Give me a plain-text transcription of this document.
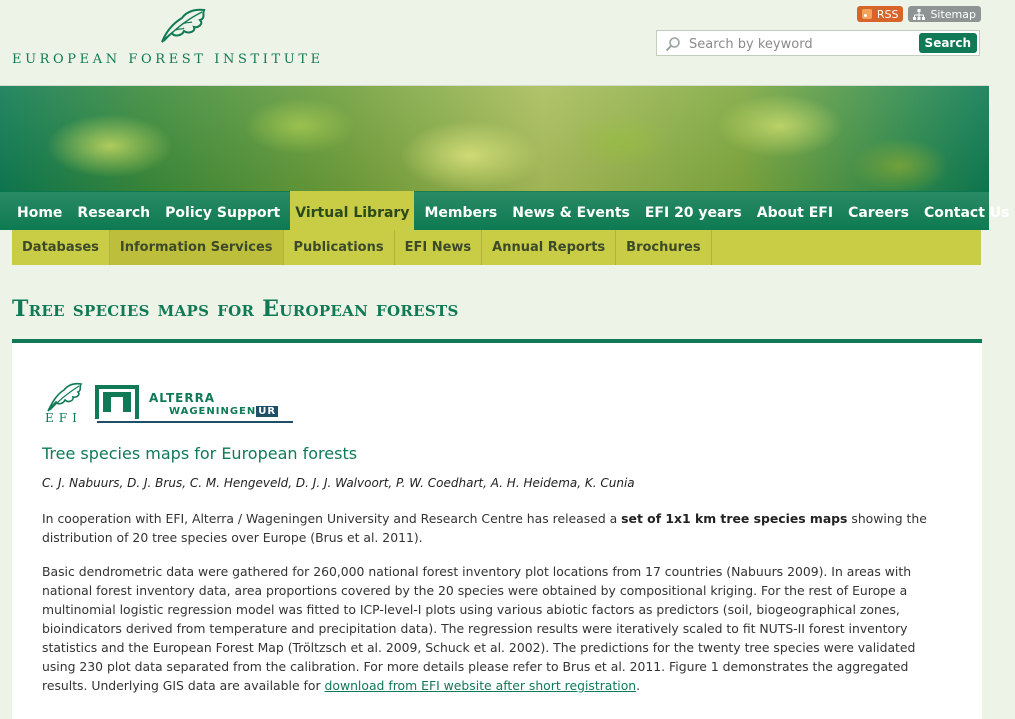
EUROPEAN FOREST INSTITUTE
RSS	Sitemap
Search by keyword
Search
Home	Research	Policy Support	Virtual Library	Members	News & Events	EFI 20 years	About EFI	Careers	Contact Us
Databases	Information Services	Publications	EFI News	Annual Reports	Brochures
Tree species maps for European forests
EFI
ALTERRA
WAGENINGEN UR
Tree species maps for European forests
C. J. Nabuurs, D. J. Brus, C. M. Hengeveld, D. J. J. Walvoort, P. W. Coedhart, A. H. Heidema, K. Cunia

In cooperation with EFI, Alterra / Wageningen University and Research Centre has released a set of 1x1 km tree species maps showing the distribution of 20 tree species over Europe (Brus et al. 2011).

Basic dendrometric data were gathered for 260,000 national forest inventory plot locations from 17 countries (Nabuurs 2009). In areas with national forest inventory data, area proportions covered by the 20 species were obtained by compositional kriging. For the rest of Europe a multinomial logistic regression model was fitted to ICP-level-I plots using various abiotic factors as predictors (soil, biogeographical zones, bioindicators derived from temperature and precipitation data). The regression results were iteratively scaled to fit NUTS-II forest inventory statistics and the European Forest Map (Tröltzsch et al. 2009, Schuck et al. 2002). The predictions for the twenty tree species were validated using 230 plot data separated from the calibration. For more details please refer to Brus et al. 2011. Figure 1 demonstrates the aggregated results. Underlying GIS data are available for download from EFI website after short registration.
